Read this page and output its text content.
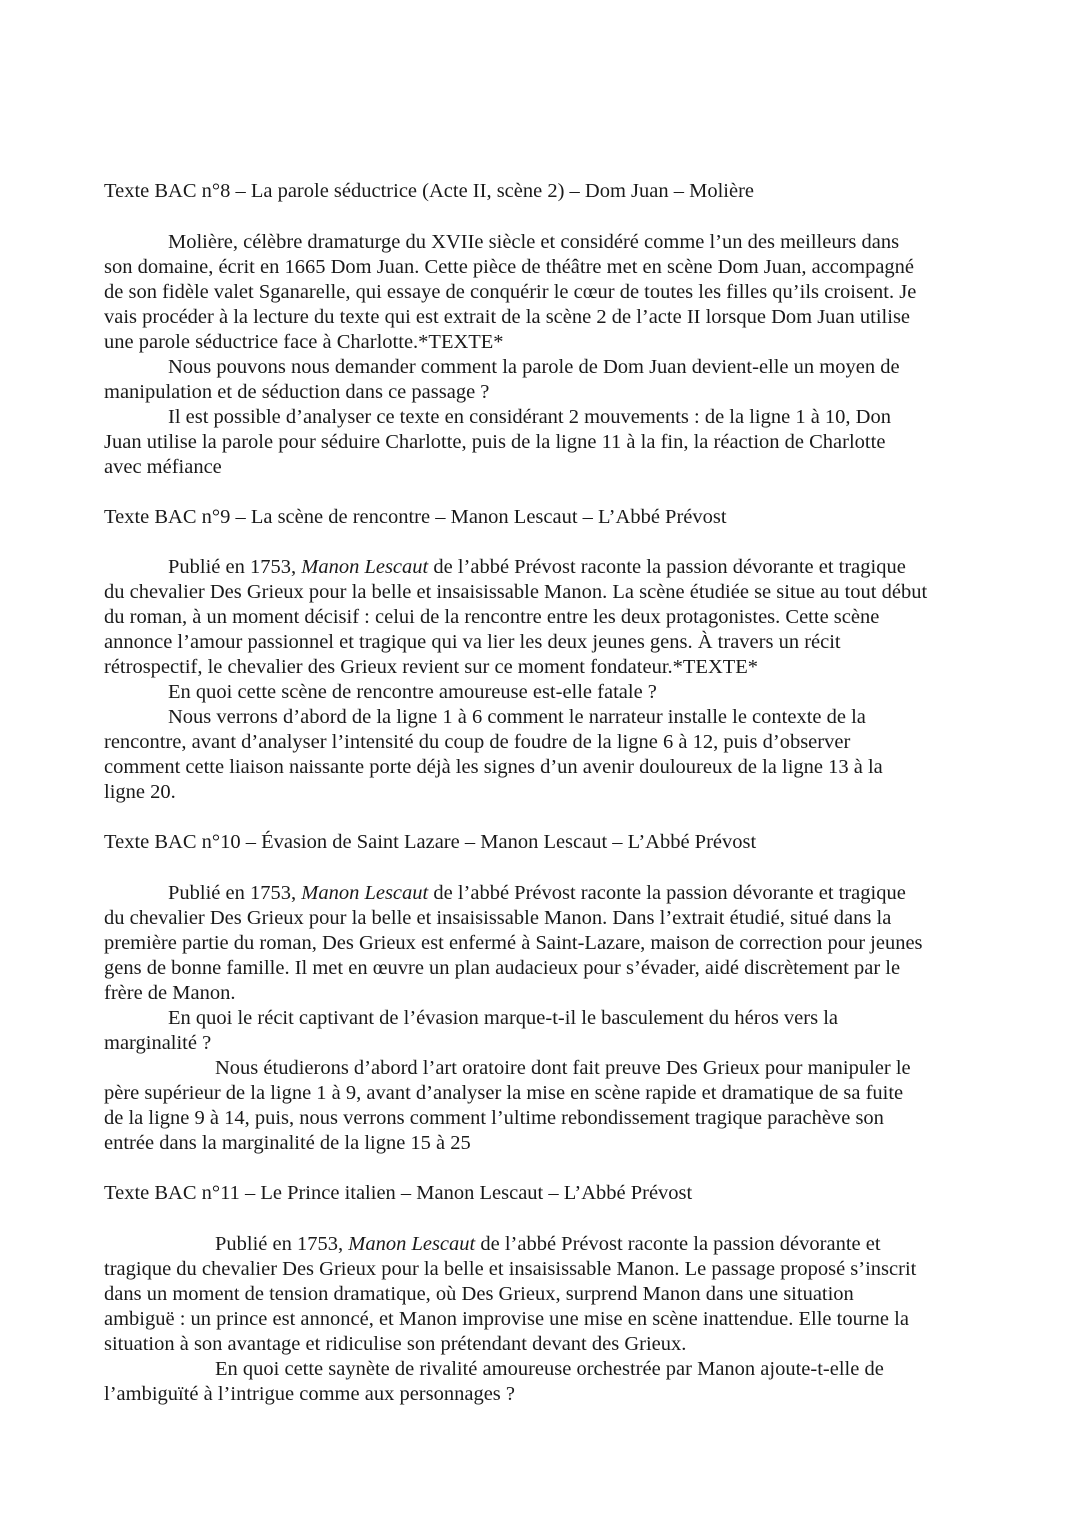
Texte BAC n°8 – La parole séductrice (Acte II, scène 2) – Dom Juan – Molière
Molière, célèbre dramaturge du XVIIe siècle et considéré comme l’un des meilleurs dans
son domaine, écrit en 1665 Dom Juan. Cette pièce de théâtre met en scène Dom Juan, accompagné
de son fidèle valet Sganarelle, qui essaye de conquérir le cœur de toutes les filles qu’ils croisent. Je
vais procéder à la lecture du texte qui est extrait de la scène 2 de l’acte II lorsque Dom Juan utilise
une parole séductrice face à Charlotte.*TEXTE*
Nous pouvons nous demander comment la parole de Dom Juan devient-elle un moyen de
manipulation et de séduction dans ce passage ?
Il est possible d’analyser ce texte en considérant 2 mouvements : de la ligne 1 à 10, Don
Juan utilise la parole pour séduire Charlotte, puis de la ligne 11 à la fin, la réaction de Charlotte
avec méfiance
Texte BAC n°9 – La scène de rencontre – Manon Lescaut – L’Abbé Prévost
Publié en 1753, Manon Lescaut de l’abbé Prévost raconte la passion dévorante et tragique
du chevalier Des Grieux pour la belle et insaisissable Manon. La scène étudiée se situe au tout début
du roman, à un moment décisif : celui de la rencontre entre les deux protagonistes. Cette scène
annonce l’amour passionnel et tragique qui va lier les deux jeunes gens. À travers un récit
rétrospectif, le chevalier des Grieux revient sur ce moment fondateur.*TEXTE*
En quoi cette scène de rencontre amoureuse est-elle fatale ?
Nous verrons d’abord de la ligne 1 à 6 comment le narrateur installe le contexte de la
rencontre, avant d’analyser l’intensité du coup de foudre de la ligne 6 à 12, puis d’observer
comment cette liaison naissante porte déjà les signes d’un avenir douloureux de la ligne 13 à la
ligne 20.
Texte BAC n°10 – Évasion de Saint Lazare – Manon Lescaut – L’Abbé Prévost
Publié en 1753, Manon Lescaut de l’abbé Prévost raconte la passion dévorante et tragique
du chevalier Des Grieux pour la belle et insaisissable Manon. Dans l’extrait étudié, situé dans la
première partie du roman, Des Grieux est enfermé à Saint-Lazare, maison de correction pour jeunes
gens de bonne famille. Il met en œuvre un plan audacieux pour s’évader, aidé discrètement par le
frère de Manon.
En quoi le récit captivant de l’évasion marque-t-il le basculement du héros vers la
marginalité ?
Nous étudierons d’abord l’art oratoire dont fait preuve Des Grieux pour manipuler le
père supérieur de la ligne 1 à 9, avant d’analyser la mise en scène rapide et dramatique de sa fuite
de la ligne 9 à 14, puis, nous verrons comment l’ultime rebondissement tragique parachève son
entrée dans la marginalité de la ligne 15 à 25
Texte BAC n°11 – Le Prince italien – Manon Lescaut – L’Abbé Prévost
Publié en 1753, Manon Lescaut de l’abbé Prévost raconte la passion dévorante et
tragique du chevalier Des Grieux pour la belle et insaisissable Manon. Le passage proposé s’inscrit
dans un moment de tension dramatique, où Des Grieux, surprend Manon dans une situation
ambiguë : un prince est annoncé, et Manon improvise une mise en scène inattendue. Elle tourne la
situation à son avantage et ridiculise son prétendant devant des Grieux.
En quoi cette saynète de rivalité amoureuse orchestrée par Manon ajoute-t-elle de
l’ambiguïté à l’intrigue comme aux personnages ?
